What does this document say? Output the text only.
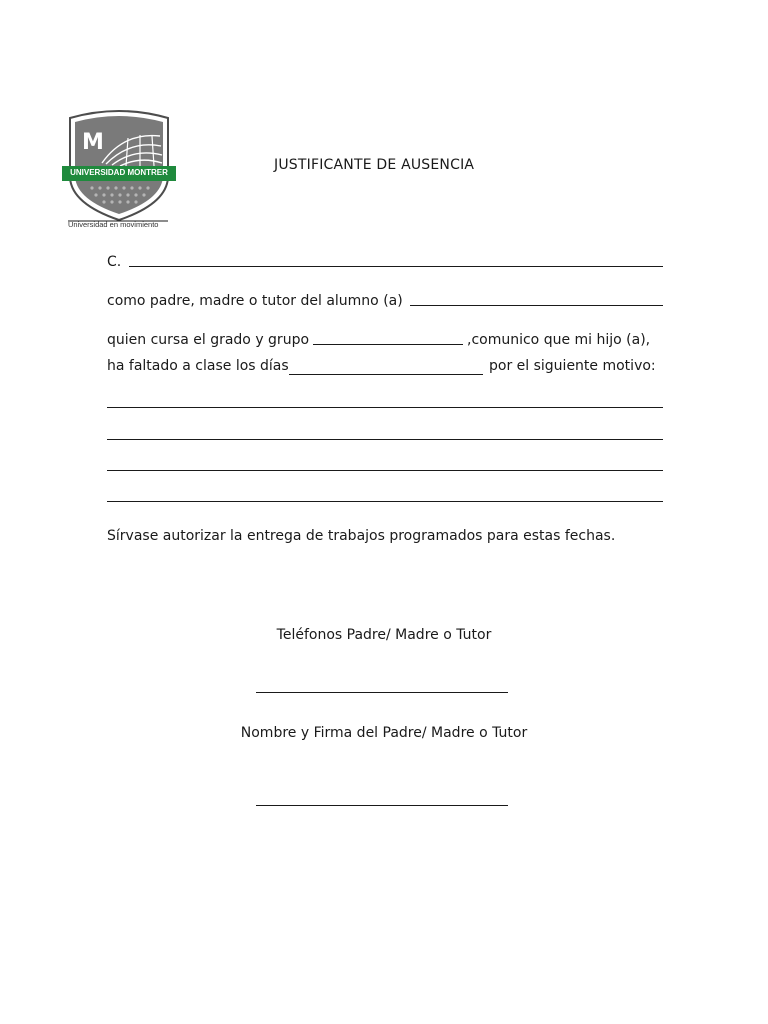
M
UNIVERSIDAD MONTRER
Universidad en movimiento
JUSTIFICANTE DE AUSENCIA
C.
como padre, madre o tutor del alumno (a)
quien cursa el grado y grupo	,comunico que mi hijo (a),
ha faltado a clase los días	por el siguiente motivo:
Sírvase autorizar la entrega de trabajos programados para estas fechas.
Teléfonos Padre/ Madre o Tutor
Nombre y Firma del Padre/ Madre o Tutor
